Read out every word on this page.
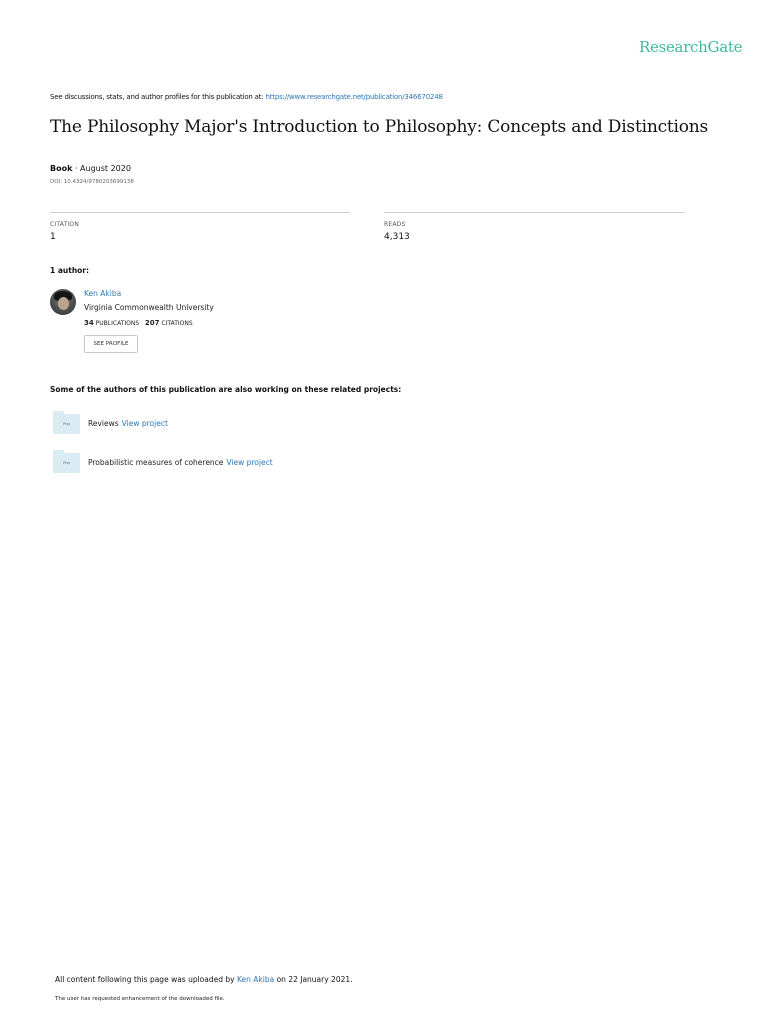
ResearchGate
See discussions, stats, and author profiles for this publication at: https://www.researchgate.net/publication/346670248
The Philosophy Major's Introduction to Philosophy: Concepts and Distinctions
Book · August 2020
DOI: 10.4324/9780203699138
CITATION
1
READS
4,313
1 author:
Ken Akiba
Virginia Commonwealth University
34 PUBLICATIONS 207 CITATIONS
SEE PROFILE
Some of the authors of this publication are also working on these related projects:
Proj	Reviews View project
Proj	Probabilistic measures of coherence View project
All content following this page was uploaded by Ken Akiba on 22 January 2021.
The user has requested enhancement of the downloaded file.
